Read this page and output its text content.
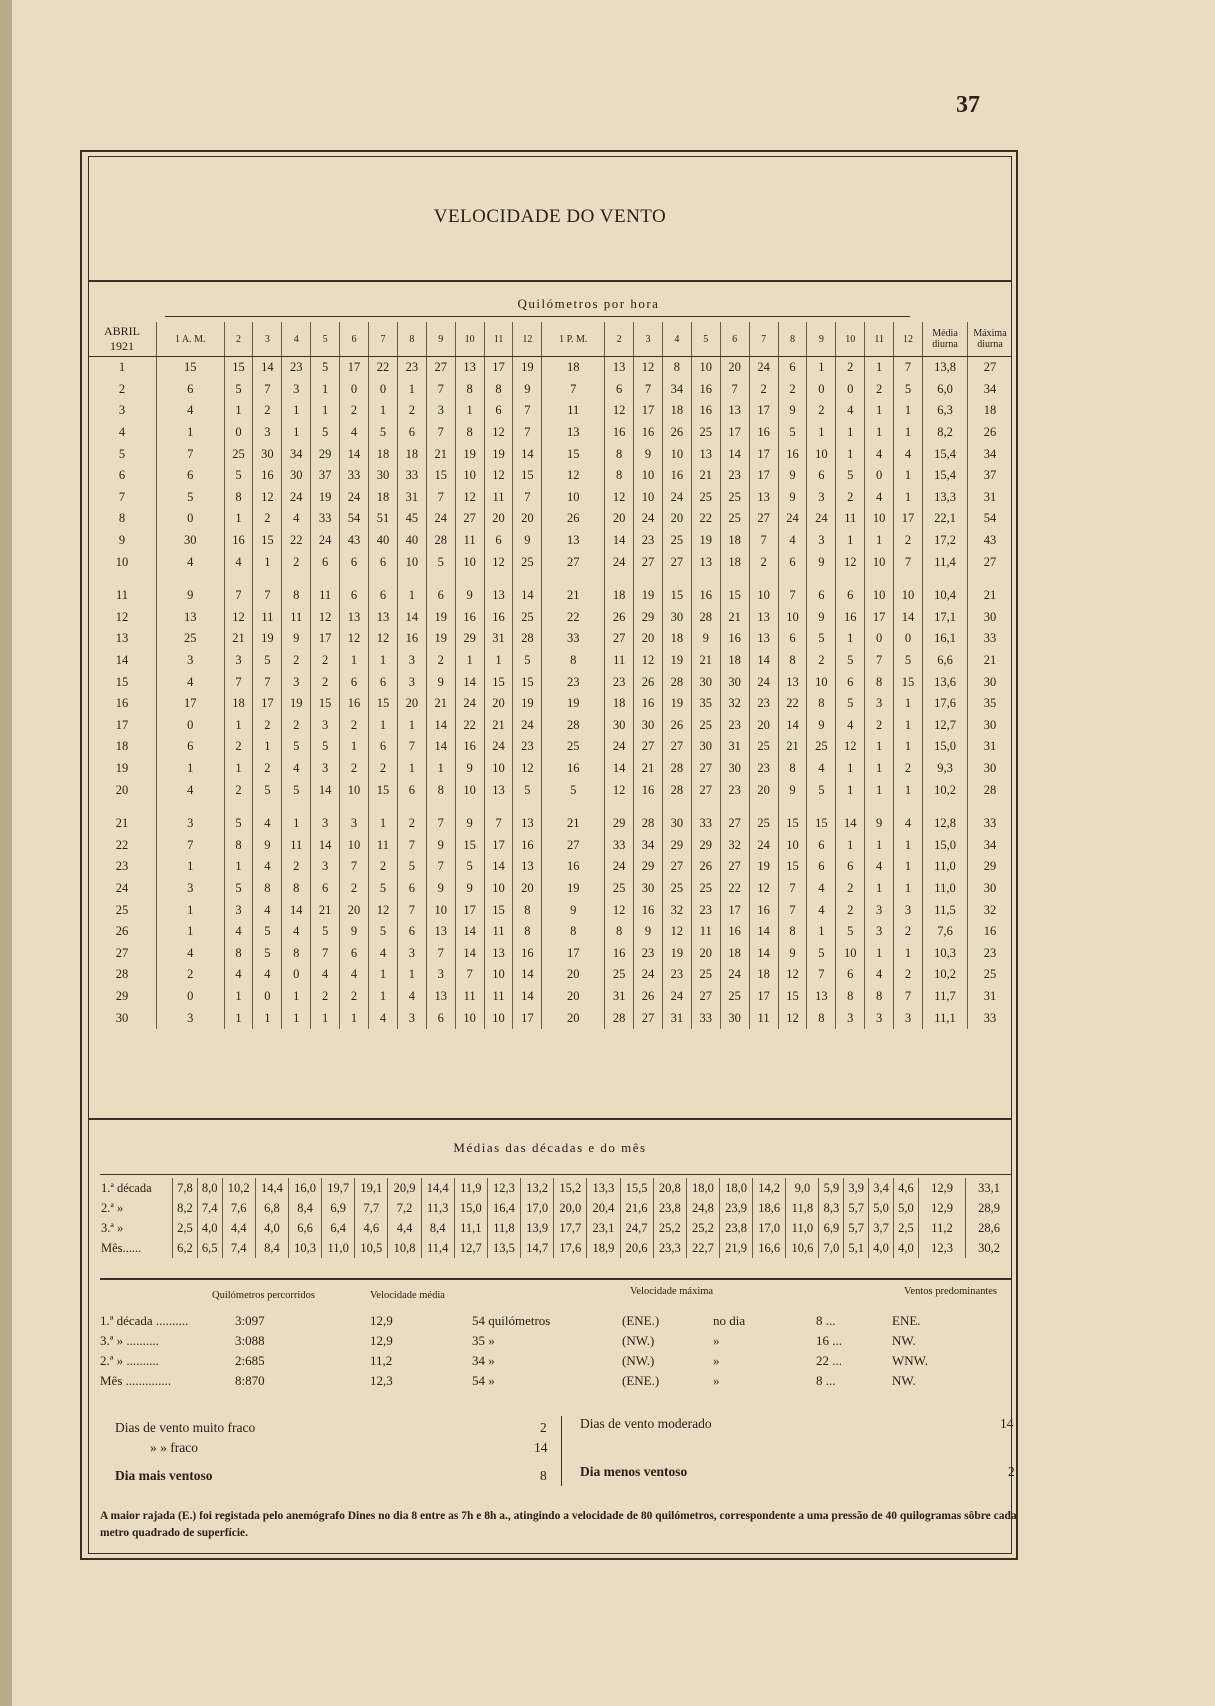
37
VELOCIDADE DO VENTO
Quilómetros por hora
ABRIL
1921	1 A. M.	2	3	4	5	6	7	8	9	10	11	12	1 P. M.	2	3	4	5	6	7	8	9	10	11	12	Média diurna	Máxima diurna
1	15	15	14	23	5	17	22	23	27	13	17	19	18	13	12	8	10	20	24	6	1	2	1	7	13,8	27
2	6	5	7	3	1	0	0	1	7	8	8	9	7	6	7	34	16	7	2	2	0	0	2	5	6,0	34
3	4	1	2	1	1	2	1	2	3	1	6	7	11	12	17	18	16	13	17	9	2	4	1	1	6,3	18
4	1	0	3	1	5	4	5	6	7	8	12	7	13	16	16	26	25	17	16	5	1	1	1	1	8,2	26
5	7	25	30	34	29	14	18	18	21	19	19	14	15	8	9	10	13	14	17	16	10	1	4	4	15,4	34
6	6	5	16	30	37	33	30	33	15	10	12	15	12	8	10	16	21	23	17	9	6	5	0	1	15,4	37
7	5	8	12	24	19	24	18	31	7	12	11	7	10	12	10	24	25	25	13	9	3	2	4	1	13,3	31
8	0	1	2	4	33	54	51	45	24	27	20	20	26	20	24	20	22	25	27	24	24	11	10	17	22,1	54
9	30	16	15	22	24	43	40	40	28	11	6	9	13	14	23	25	19	18	7	4	3	1	1	2	17,2	43
10	4	4	1	2	6	6	6	10	5	10	12	25	27	24	27	27	13	18	2	6	9	12	10	7	11,4	27

11	9	7	7	8	11	6	6	1	6	9	13	14	21	18	19	15	16	15	10	7	6	6	10	10	10,4	21
12	13	12	11	11	12	13	13	14	19	16	16	25	22	26	29	30	28	21	13	10	9	16	17	14	17,1	30
13	25	21	19	9	17	12	12	16	19	29	31	28	33	27	20	18	9	16	13	6	5	1	0	0	16,1	33
14	3	3	5	2	2	1	1	3	2	1	1	5	8	11	12	19	21	18	14	8	2	5	7	5	6,6	21
15	4	7	7	3	2	6	6	3	9	14	15	15	23	23	26	28	30	30	24	13	10	6	8	15	13,6	30
16	17	18	17	19	15	16	15	20	21	24	20	19	19	18	16	19	35	32	23	22	8	5	3	1	17,6	35
17	0	1	2	2	3	2	1	1	14	22	21	24	28	30	30	26	25	23	20	14	9	4	2	1	12,7	30
18	6	2	1	5	5	1	6	7	14	16	24	23	25	24	27	27	30	31	25	21	25	12	1	1	15,0	31
19	1	1	2	4	3	2	2	1	1	9	10	12	16	14	21	28	27	30	23	8	4	1	1	2	9,3	30
20	4	2	5	5	14	10	15	6	8	10	13	5	5	12	16	28	27	23	20	9	5	1	1	1	10,2	28

21	3	5	4	1	3	3	1	2	7	9	7	13	21	29	28	30	33	27	25	15	15	14	9	4	12,8	33
22	7	8	9	11	14	10	11	7	9	15	17	16	27	33	34	29	29	32	24	10	6	1	1	1	15,0	34
23	1	1	4	2	3	7	2	5	7	5	14	13	16	24	29	27	26	27	19	15	6	6	4	1	11,0	29
24	3	5	8	8	6	2	5	6	9	9	10	20	19	25	30	25	25	22	12	7	4	2	1	1	11,0	30
25	1	3	4	14	21	20	12	7	10	17	15	8	9	12	16	32	23	17	16	7	4	2	3	3	11,5	32
26	1	4	5	4	5	9	5	6	13	14	11	8	8	8	9	12	11	16	14	8	1	5	3	2	7,6	16
27	4	8	5	8	7	6	4	3	7	14	13	16	17	16	23	19	20	18	14	9	5	10	1	1	10,3	23
28	2	4	4	0	4	4	1	1	3	7	10	14	20	25	24	23	25	24	18	12	7	6	4	2	10,2	25
29	0	1	0	1	2	2	1	4	13	11	11	14	20	31	26	24	27	25	17	15	13	8	8	7	11,7	31
30	3	1	1	1	1	1	4	3	6	10	10	17	20	28	27	31	33	30	11	12	8	3	3	3	11,1	33
Médias das décadas e do mês
1.ª década	7,8	8,0	10,2	14,4	16,0	19,7	19,1	20,9	14,4	11,9	12,3	13,2	15,2	13,3	15,5	20,8	18,0	18,0	14,2	9,0	5,9	3,9	3,4	4,6	12,9	33,1
2.ª »	8,2	7,4	7,6	6,8	8,4	6,9	7,7	7,2	11,3	15,0	16,4	17,0	20,0	20,4	21,6	23,8	24,8	23,9	18,6	11,8	8,3	5,7	5,0	5,0	12,9	28,9
3.ª »	2,5	4,0	4,4	4,0	6,6	6,4	4,6	4,4	8,4	11,1	11,8	13,9	17,7	23,1	24,7	25,2	25,2	23,8	17,0	11,0	6,9	5,7	3,7	2,5	11,2	28,6
Mês......	6,2	6,5	7,4	8,4	10,3	11,0	10,5	10,8	11,4	12,7	13,5	14,7	17,6	18,9	20,6	23,3	22,7	21,9	16,6	10,6	7,0	5,1	4,0	4,0	12,3	30,2
Quilómetros percorridos	Velocidade média	Velocidade máxima	Ventos predominantes
1.ª década ..........	3:097	12,9	54 quilómetros	(ENE.)	no dia	8 ...	ENE.
3.ª » ..........	3:088	12,9	35 »	(NW.)	»	16 ...	NW.
2.ª » ..........	2:685	11,2	34 »	(NW.)	»	22 ...	WNW.
Mês ..............	8:870	12,3	54 »	(ENE.)	»	8 ...	NW.
Dias de vento muito fraco	2
» » fraco	14
Dia mais ventoso	8
Dias de vento moderado	14
Dia menos ventoso	2
A maior rajada (E.) foi registada pelo anemógrafo Dines no dia 8 entre as 7h e 8h a., atingindo a velocidade de 80 quilómetros, correspondente a uma pressão de 40 quilogramas sôbre cada metro quadrado de superfície.
